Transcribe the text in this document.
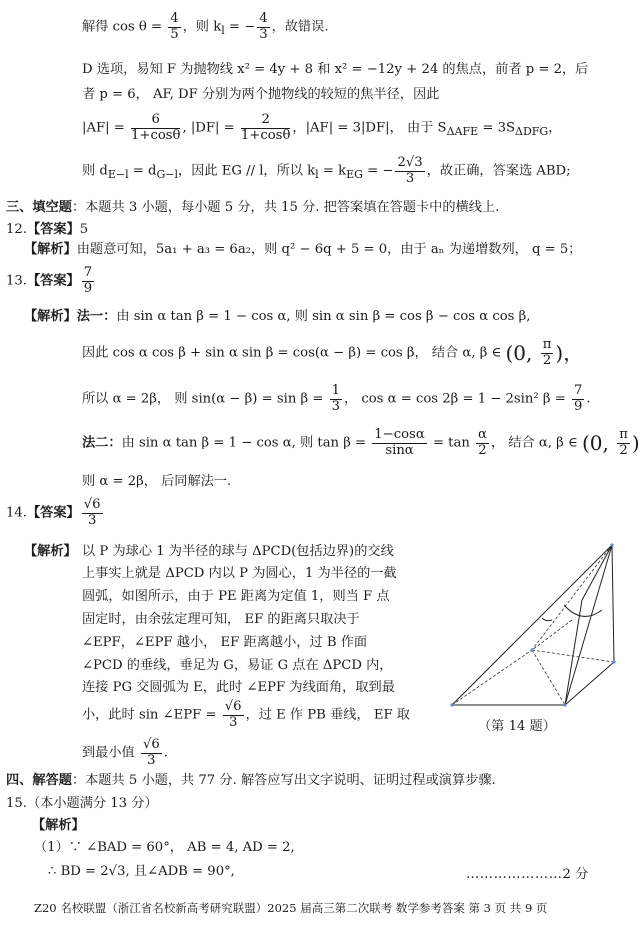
解得 $\cos \theta = \frac{4}{5}$ ，则 $k_l$ = − $\frac{4}{3}$ ，故错误.
D 选项，易知 F 为抛物线 x² = 4y + 8 和 x² = −12y + 24 的焦点，前者 p = 2，后
者 p = 6， AF, DF 分别为两个抛物线的较短的焦半径，因此
$|AF| = \frac{6}{1+\cos\theta}$ , $|DF| = \frac{2}{1+\cos\theta}$ ，|AF| = 3|DF|， 由于 $S_{\Delta AFE} = 3S_{\Delta DFG}$，
则 $d_{E-l} = d_{G-l}$，因此 EG // l，所以 $k_l = k_{EG}$ = − $\frac{2√3}{3}$ ，故正确，答案选 ABD;
三、填空题：本题共 3 小题，每小题 5 分，共 15 分. 把答案填在答题卡中的横线上.
12.【答案】5
【解析】由题意可知，5a₁ + a₃ = 6a₂，则 q² − 6q + 5 = 0，由于 aₙ 为递增数列， q = 5；
13.【答案】 $\frac{7}{9}$
【解析】法一：由 sin α tan β = 1 − cos α, 则 sin α sin β = cos β − cos α cos β,
因此 cos α cos β + sin α sin β = cos(α − β) = cos β， 结合 α, β ∈ (0, $\frac{\pi}{2}$ )，
所以 α = 2β， 则 $\sin(\alpha - \beta) = \sin \beta = \frac{1}{3}$ ， cos α = cos 2β = 1 − 2sin² $\beta = \frac{7}{9}$ .
法二：由 sin α tan β = 1 − cos α, 则 $\tan \beta = \frac{1-\cos\alpha}{\sin\alpha} = \tan \frac{\alpha}{2}$ ， 结合 α, β ∈ (0, $\frac{\pi}{2}$ )
则 α = 2β， 后同解法一.
14.【答案】 $\frac{√6}{3}$
【解析】 以 P 为球心 1 为半径的球与 ΔPCD(包括边界)的交线
上事实上就是 ΔPCD 内以 P 为圆心，1 为半径的一截
圆弧，如图所示，由于 PE 距离为定值 1，则当 F 点
固定时，由余弦定理可知， EF 的距离只取决于
∠EPF，∠EPF 越小， EF 距离越小，过 B 作面
∠PCD 的垂线，垂足为 G，易证 G 点在 ΔPCD 内，
连接 PG 交圆弧为 E，此时 ∠EPF 为线面角，取到最
小，此时 sin ∠EPF = $\frac{√6}{3}$ ，过 E 作 PB 垂线， EF 取
到最小值 $\frac{√6}{3}$ .
（第 14 题）
四、解答题：本题共 5 小题，共 77 分. 解答应写出文字说明、证明过程或演算步骤.
15.（本小题满分 13 分）
【解析】
（1）∵ ∠BAD = 60°， AB = 4, AD = 2,
∴ BD = 2√3, 且∠ADB = 90°,	…………………2 分
Z20 名校联盟（浙江省名校新高考研究联盟）2025 届高三第二次联考 数学参考答案 第 3 页 共 9 页
